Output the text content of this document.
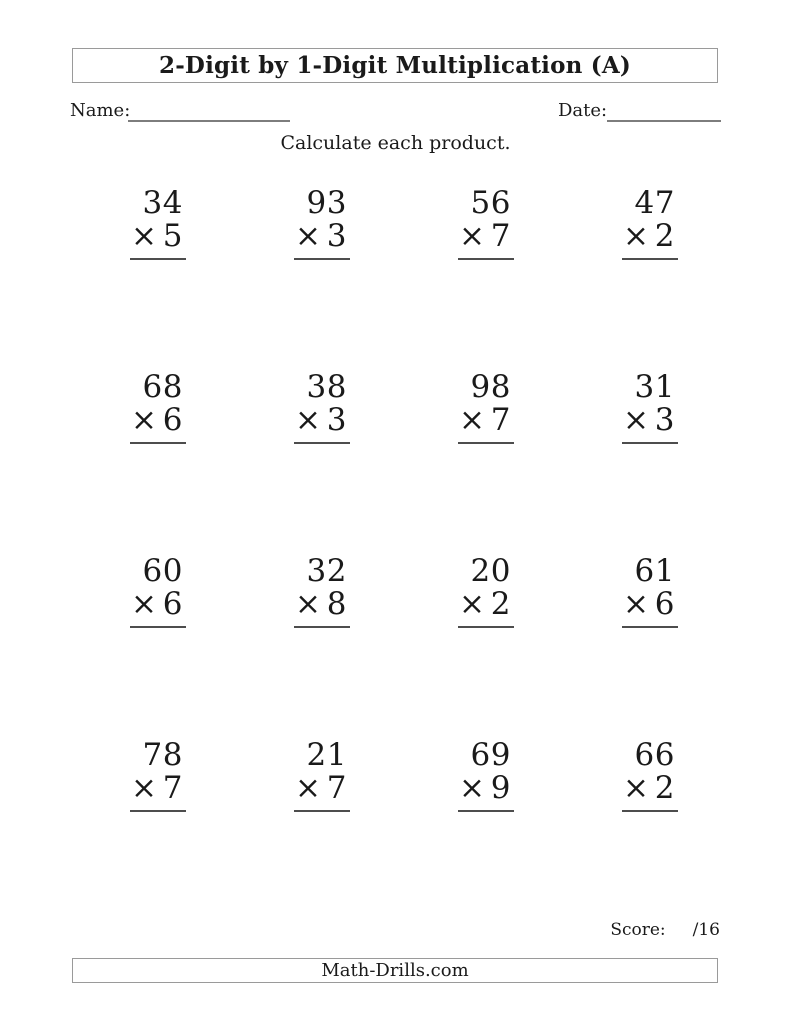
2-Digit by 1-Digit Multiplication (A)
Name:	Date:

Calculate each product.

34
× 5
93
× 3
56
× 7
47
× 2
68
× 6
38
× 3
98
× 7
31
× 3
60
× 6
32
× 8
20
× 2
61
× 6
78
× 7
21
× 7
69
× 9
66
× 2
Score: /16
Math-Drills.com
